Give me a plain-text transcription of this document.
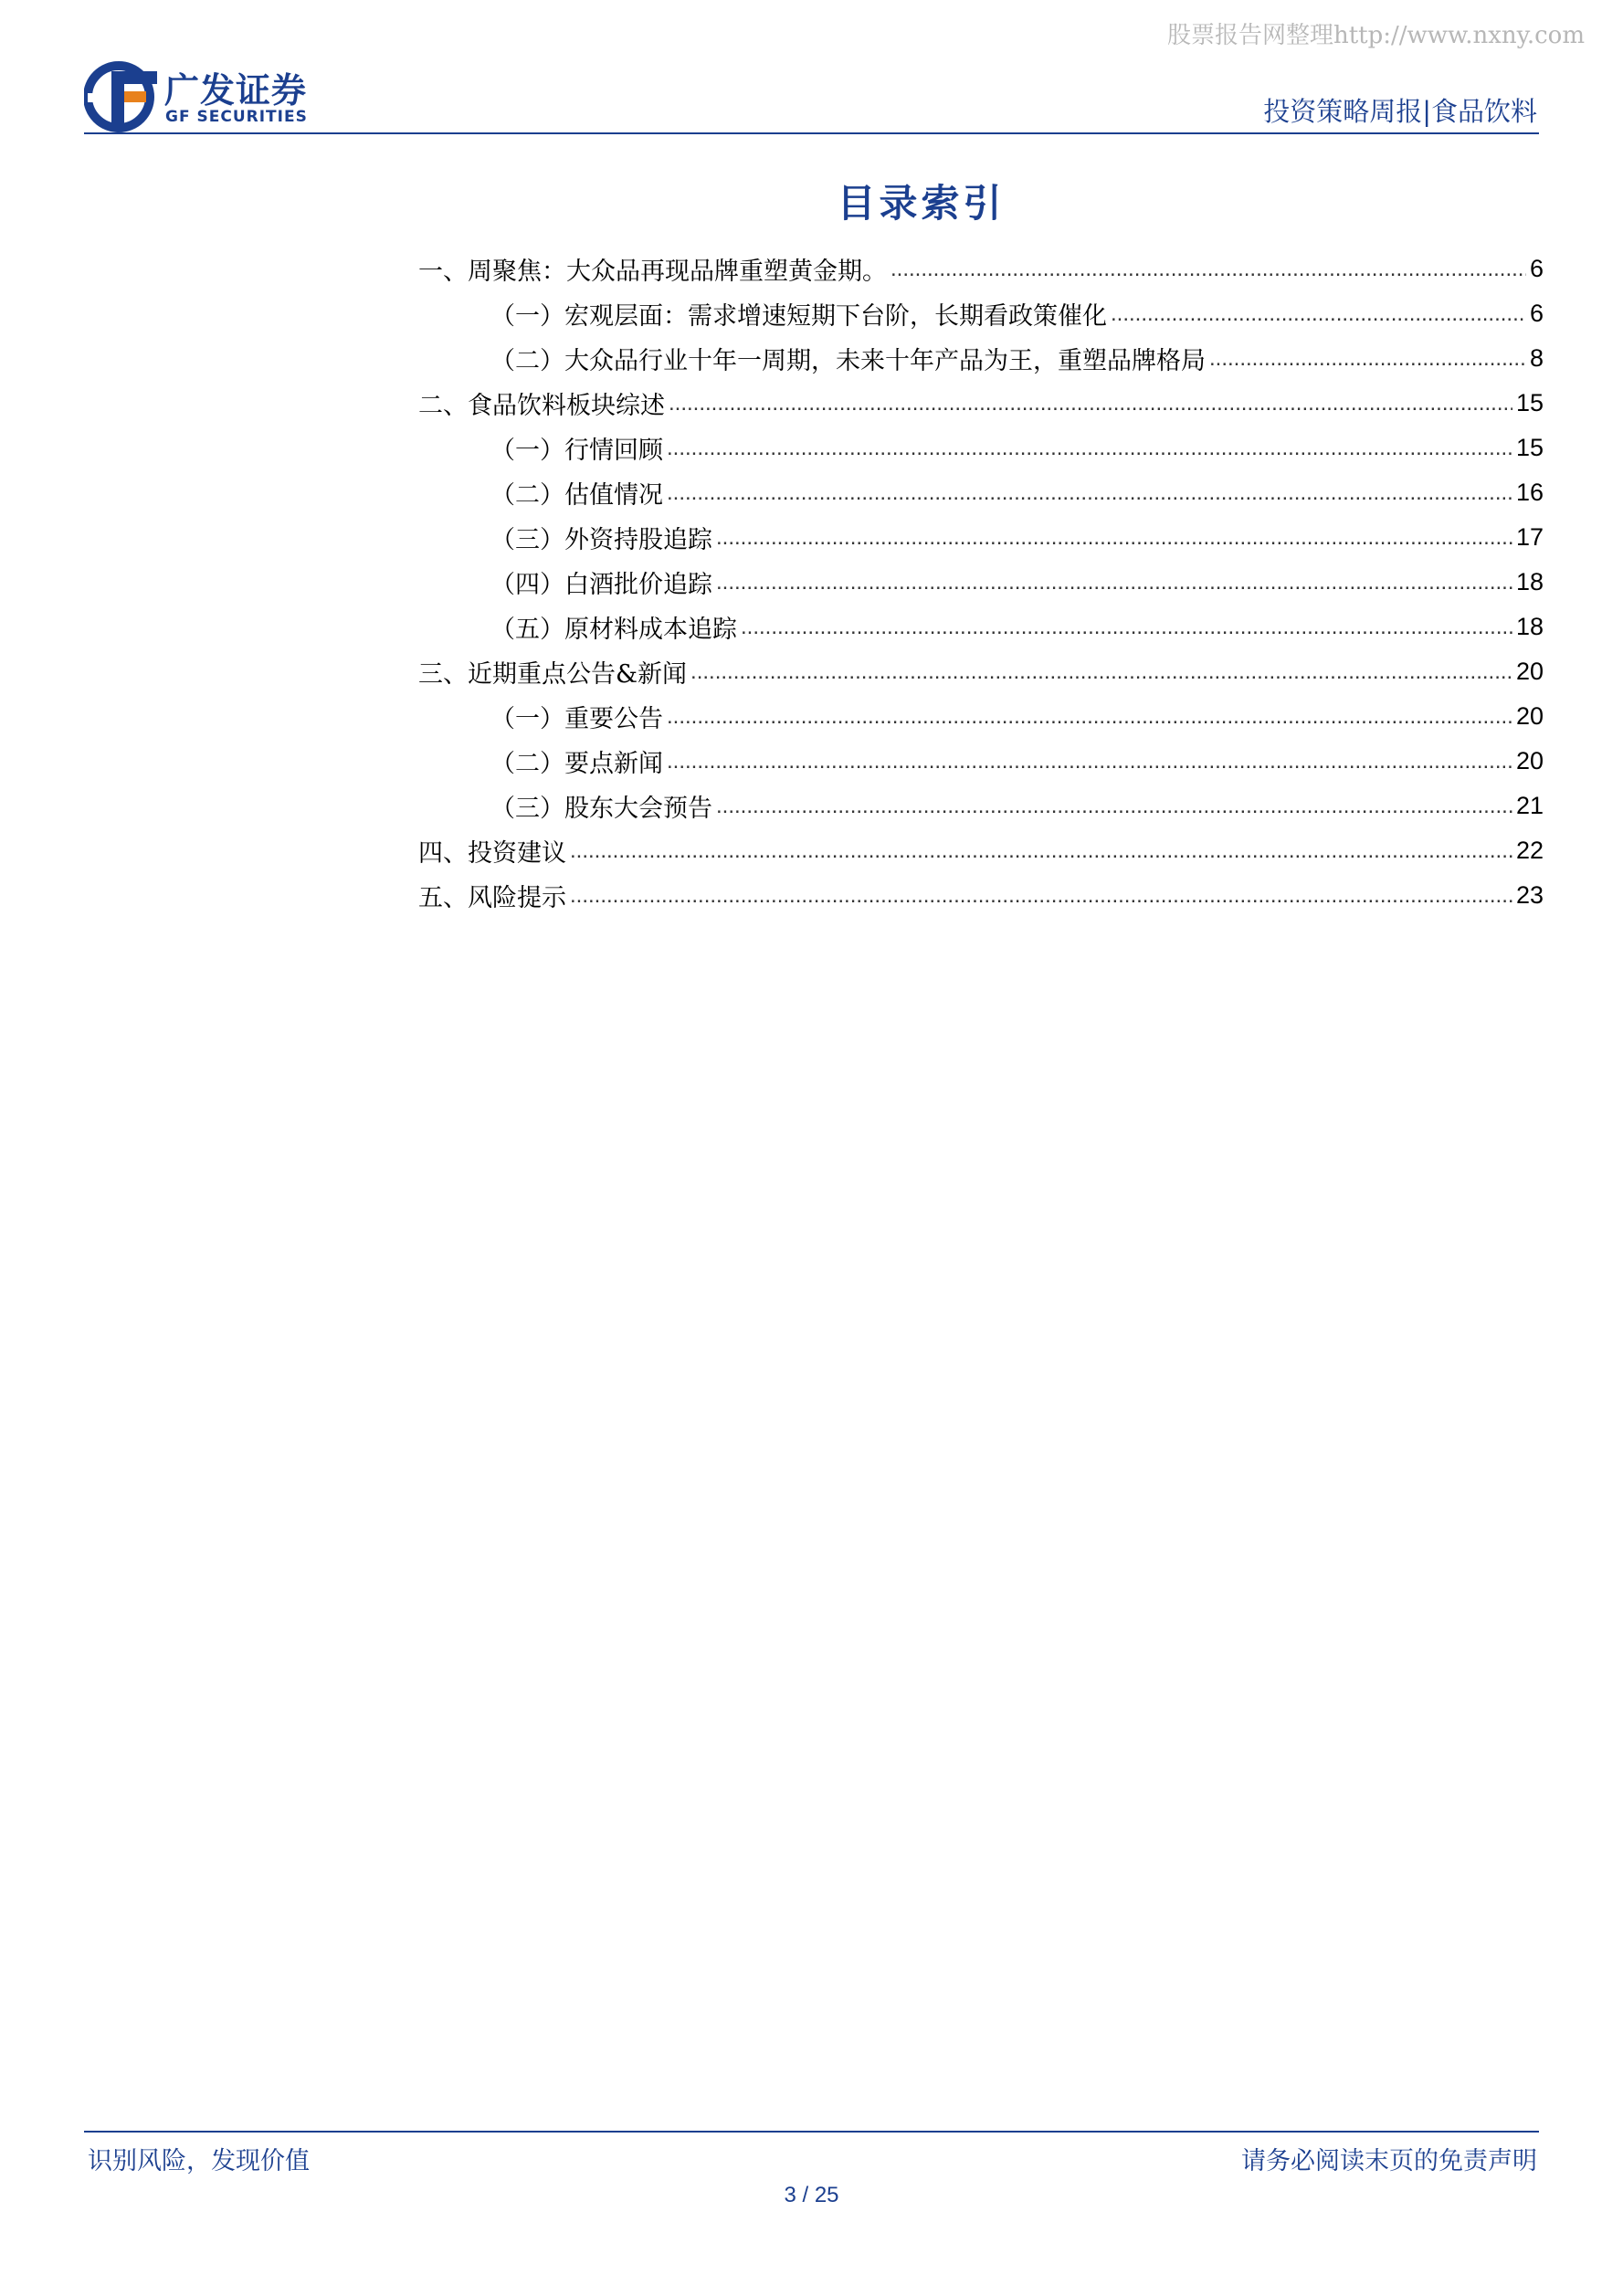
股票报告网整理http://www.nxny.com
广发证券
GF SECURITIES	投资策略周报|食品饮料
目录索引
一、周聚焦：大众品再现品牌重塑黄金期。 .....	6
（一）宏观层面：需求增速短期下台阶，长期看政策催化 .....	6
（二）大众品行业十年一周期，未来十年产品为王，重塑品牌格局 .....	8
二、食品饮料板块综述 .....	15
（一）行情回顾 .....	15
（二）估值情况 .....	16
（三）外资持股追踪 .....	17
（四）白酒批价追踪 .....	18
（五）原材料成本追踪 .....	18
三、近期重点公告&新闻 .....	20
（一）重要公告 .....	20
（二）要点新闻 .....	20
（三）股东大会预告 .....	21
四、投资建议 .....	22
五、风险提示 .....	23
识别风险，发现价值	请务必阅读末页的免责声明
3 / 25
